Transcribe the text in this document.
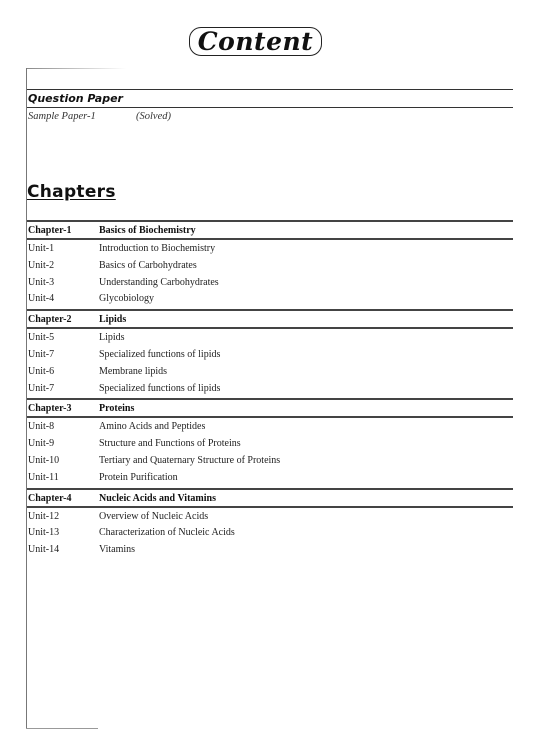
Content
Question Paper
Sample Paper-1	(Solved)
Chapters
Chapter-1	Basics of Biochemistry
Unit-1	Introduction to Biochemistry
Unit-2	Basics of Carbohydrates
Unit-3	Understanding Carbohydrates
Unit-4	Glycobiology
Chapter-2	Lipids
Unit-5	Lipids
Unit-7	Specialized functions of lipids
Unit-6	Membrane lipids
Unit-7	Specialized functions of lipids
Chapter-3	Proteins
Unit-8	Amino Acids and Peptides
Unit-9	Structure and Functions of Proteins
Unit-10	Tertiary and Quaternary Structure of Proteins
Unit-11	Protein Purification
Chapter-4	Nucleic Acids and Vitamins
Unit-12	Overview of Nucleic Acids
Unit-13	Characterization of Nucleic Acids
Unit-14	Vitamins
